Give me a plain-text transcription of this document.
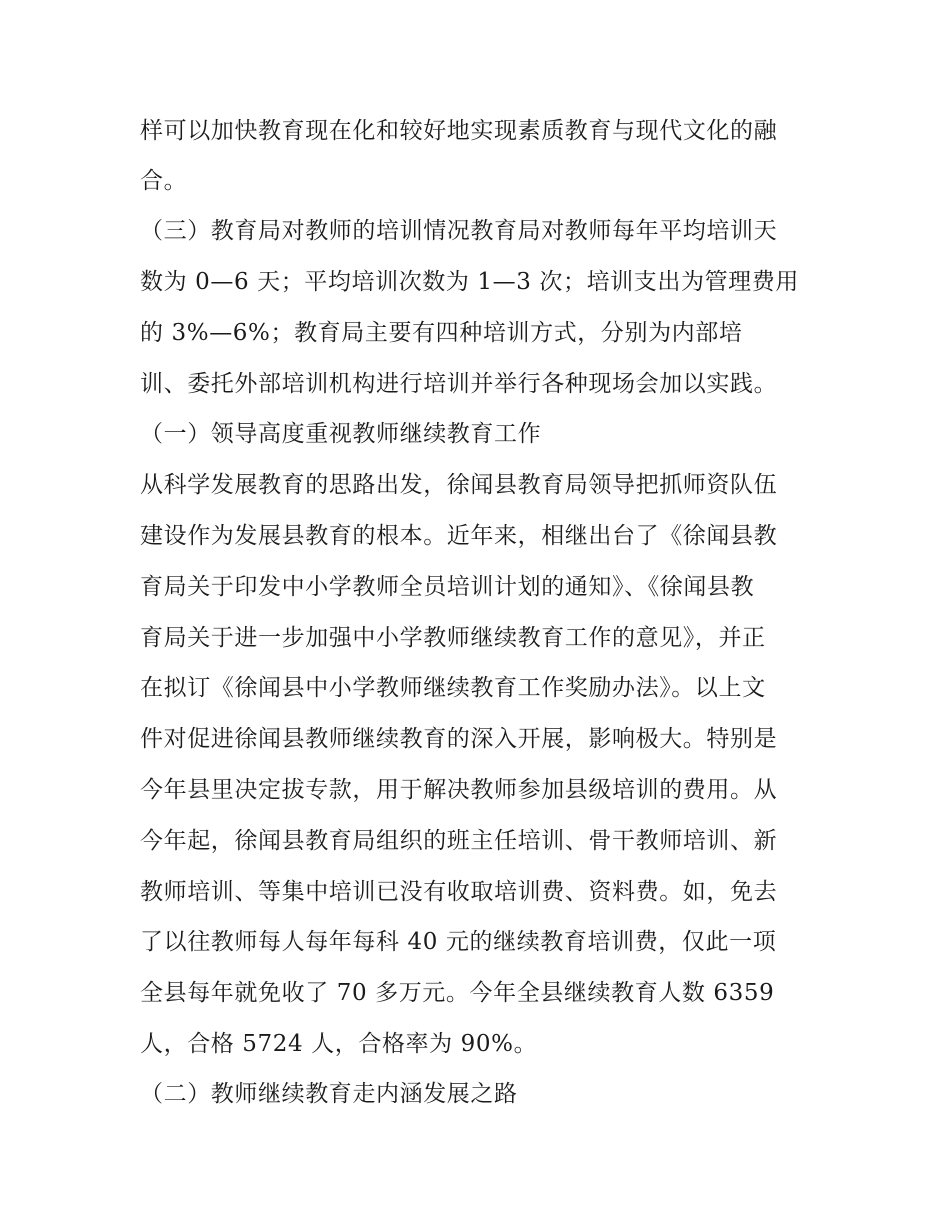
样可以加快教育现在化和较好地实现素质教育与现代文化的融
合。
（三）教育局对教师的培训情况教育局对教师每年平均培训天
数为 0—6 天；平均培训次数为 1—3 次；培训支出为管理费用
的 3%—6%；教育局主要有四种培训方式，分别为内部培
训、委托外部培训机构进行培训并举行各种现场会加以实践。
（一）领导高度重视教师继续教育工作
从科学发展教育的思路出发，徐闻县教育局领导把抓师资队伍
建设作为发展县教育的根本。近年来，相继出台了《徐闻县教
育局关于印发中小学教师全员培训计划的通知》、《徐闻县教
育局关于进一步加强中小学教师继续教育工作的意见》，并正
在拟订《徐闻县中小学教师继续教育工作奖励办法》。以上文
件对促进徐闻县教师继续教育的深入开展，影响极大。特别是
今年县里决定拔专款，用于解决教师参加县级培训的费用。从
今年起，徐闻县教育局组织的班主任培训、骨干教师培训、新
教师培训、等集中培训已没有收取培训费、资料费。如，免去
了以往教师每人每年每科 40 元的继续教育培训费，仅此一项
全县每年就免收了 70 多万元。今年全县继续教育人数 6359
人，合格 5724 人，合格率为 90%。
（二）教师继续教育走内涵发展之路
